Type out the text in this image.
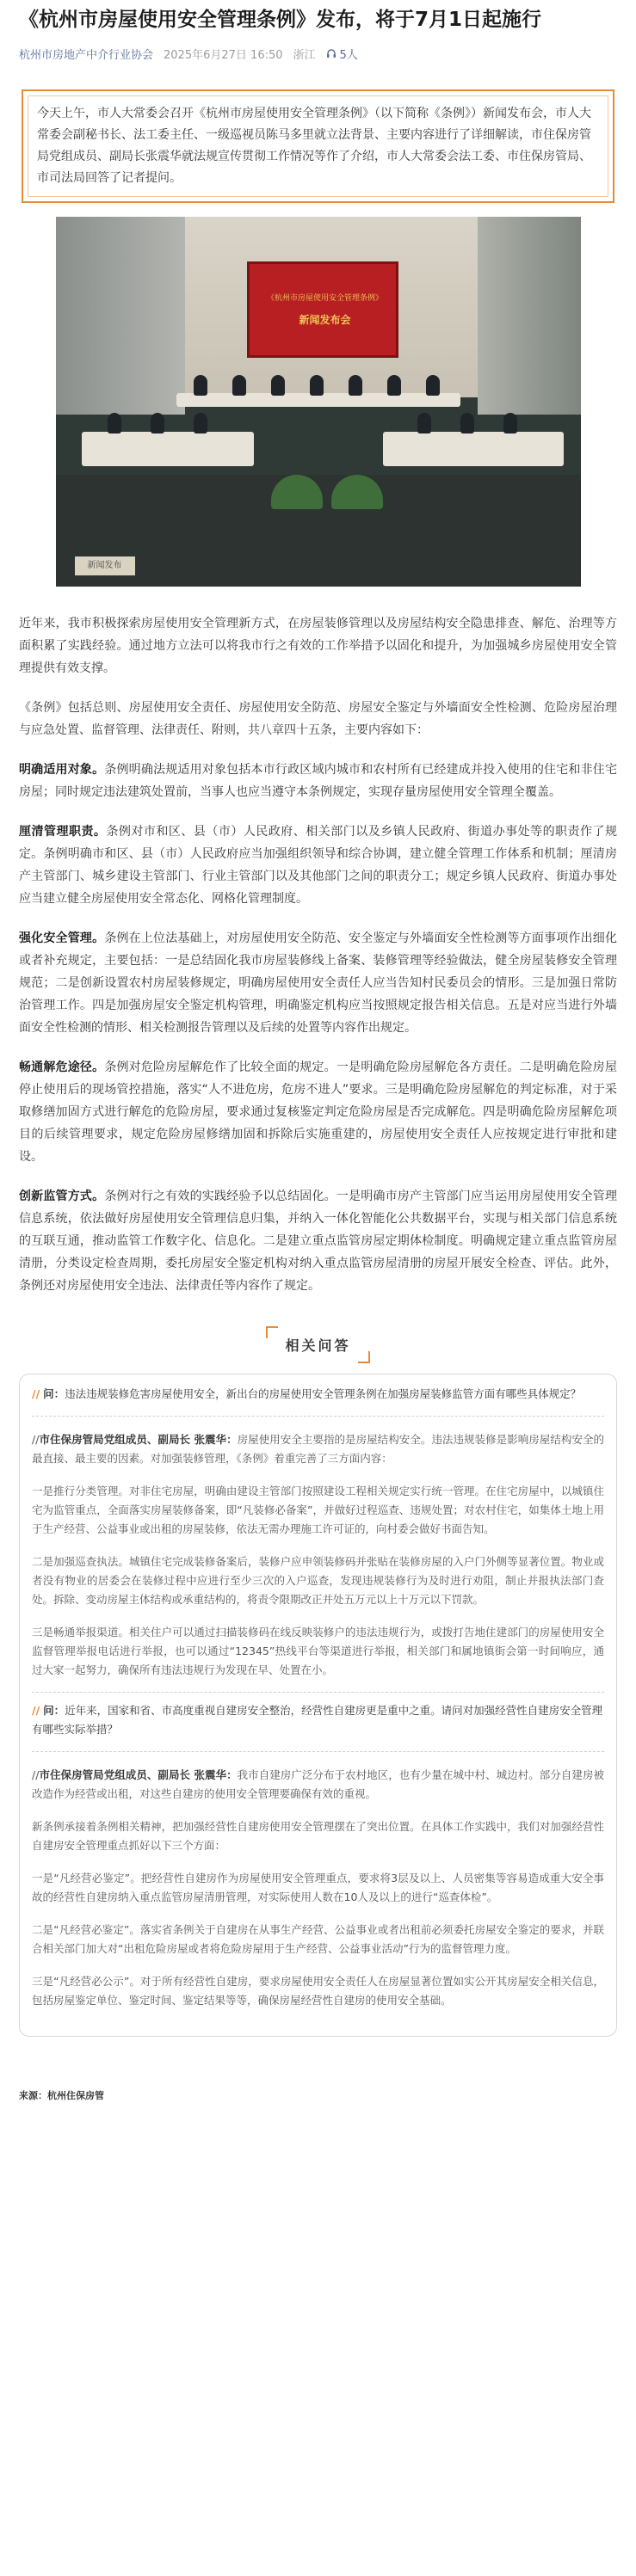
《杭州市房屋使用安全管理条例》发布，将于7月1日起施行
杭州市房地产中介行业协会 2025年6月27日 16:50 浙江 5人
今天上午，市人大常委会召开《杭州市房屋使用安全管理条例》（以下简称《条例》）新闻发布会，市人大常委会副秘书长、法工委主任、一级巡视员陈马多里就立法背景、主要内容进行了详细解读，市住保房管局党组成员、副局长张震华就法规宣传贯彻工作情况等作了介绍，市人大常委会法工委、市住保房管局、市司法局回答了记者提问。
《杭州市房屋使用安全管理条例》
新闻发布会
新闻发布

近年来，我市积极探索房屋使用安全管理新方式，在房屋装修管理以及房屋结构安全隐患排查、解危、治理等方面积累了实践经验。通过地方立法可以将我市行之有效的工作举措予以固化和提升，为加强城乡房屋使用安全管理提供有效支撑。

《条例》包括总则、房屋使用安全责任、房屋使用安全防范、房屋安全鉴定与外墙面安全性检测、危险房屋治理与应急处置、监督管理、法律责任、附则，共八章四十五条，主要内容如下：

明确适用对象。条例明确法规适用对象包括本市行政区域内城市和农村所有已经建成并投入使用的住宅和非住宅房屋；同时规定违法建筑处置前，当事人也应当遵守本条例规定，实现存量房屋使用安全管理全覆盖。

厘清管理职责。条例对市和区、县（市）人民政府、相关部门以及乡镇人民政府、街道办事处等的职责作了规定。条例明确市和区、县（市）人民政府应当加强组织领导和综合协调，建立健全管理工作体系和机制；厘清房产主管部门、城乡建设主管部门、行业主管部门以及其他部门之间的职责分工；规定乡镇人民政府、街道办事处应当建立健全房屋使用安全常态化、网格化管理制度。

强化安全管理。条例在上位法基础上，对房屋使用安全防范、安全鉴定与外墙面安全性检测等方面事项作出细化或者补充规定，主要包括：一是总结固化我市房屋装修线上备案、装修管理等经验做法，健全房屋装修安全管理规范；二是创新设置农村房屋装修规定，明确房屋使用安全责任人应当告知村民委员会的情形。三是加强日常防治管理工作。四是加强房屋安全鉴定机构管理，明确鉴定机构应当按照规定报告相关信息。五是对应当进行外墙面安全性检测的情形、相关检测报告管理以及后续的处置等内容作出规定。

畅通解危途径。条例对危险房屋解危作了比较全面的规定。一是明确危险房屋解危各方责任。二是明确危险房屋停止使用后的现场管控措施，落实“人不进危房，危房不进人”要求。三是明确危险房屋解危的判定标准，对于采取修缮加固方式进行解危的危险房屋，要求通过复核鉴定判定危险房屋是否完成解危。四是明确危险房屋解危项目的后续管理要求，规定危险房屋修缮加固和拆除后实施重建的，房屋使用安全责任人应按规定进行审批和建设。

创新监管方式。条例对行之有效的实践经验予以总结固化。一是明确市房产主管部门应当运用房屋使用安全管理信息系统，依法做好房屋使用安全管理信息归集，并纳入一体化智能化公共数据平台，实现与相关部门信息系统的互联互通，推动监管工作数字化、信息化。二是建立重点监管房屋定期体检制度。明确规定建立重点监管房屋清册，分类设定检查周期，委托房屋安全鉴定机构对纳入重点监管房屋清册的房屋开展安全检查、评估。此外，条例还对房屋使用安全违法、法律责任等内容作了规定。

相关问答

// 问：违法违规装修危害房屋使用安全，新出台的房屋使用安全管理条例在加强房屋装修监管方面有哪些具体规定？

//市住保房管局党组成员、副局长 张震华：房屋使用安全主要指的是房屋结构安全。违法违规装修是影响房屋结构安全的最直接、最主要的因素。对加强装修管理，《条例》着重完善了三方面内容：

一是推行分类管理。对非住宅房屋，明确由建设主管部门按照建设工程相关规定实行统一管理。在住宅房屋中，以城镇住宅为监管重点，全面落实房屋装修备案，即“凡装修必备案”，并做好过程巡查、违规处置；对农村住宅，如集体土地上用于生产经营、公益事业或出租的房屋装修，依法无需办理施工许可证的，向村委会做好书面告知。

二是加强巡查执法。城镇住宅完成装修备案后，装修户应申领装修码并张贴在装修房屋的入户门外侧等显著位置。物业或者没有物业的居委会在装修过程中应进行至少三次的入户巡查，发现违规装修行为及时进行劝阻，制止并报执法部门查处。拆除、变动房屋主体结构或承重结构的，将责令限期改正并处五万元以上十万元以下罚款。

三是畅通举报渠道。相关住户可以通过扫描装修码在线反映装修户的违法违规行为，或拨打告地住建部门的房屋使用安全监督管理举报电话进行举报，也可以通过“12345”热线平台等渠道进行举报，相关部门和属地镇街会第一时间响应，通过大家一起努力，确保所有违法违规行为发现在早、处置在小。

// 问：近年来，国家和省、市高度重视自建房安全整治，经营性自建房更是重中之重。请问对加强经营性自建房安全管理有哪些实际举措？

//市住保房管局党组成员、副局长 张震华：我市自建房广泛分布于农村地区，也有少量在城中村、城边村。部分自建房被改造作为经营或出租，对这些自建房的使用安全管理要确保有效的重视。

新条例承接着条例相关精神，把加强经营性自建房使用安全管理摆在了突出位置。在具体工作实践中，我们对加强经营性自建房安全管理重点抓好以下三个方面：

一是“凡经营必鉴定”。把经营性自建房作为房屋使用安全管理重点，要求将3层及以上、人员密集等容易造成重大安全事故的经营性自建房纳入重点监管房屋清册管理，对实际使用人数在10人及以上的进行“巡查体检”。

二是“凡经营必鉴定”。落实省条例关于自建房在从事生产经营、公益事业或者出租前必须委托房屋安全鉴定的要求，并联合相关部门加大对“出租危险房屋或者将危险房屋用于生产经营、公益事业活动”行为的监督管理力度。

三是“凡经营必公示”。对于所有经营性自建房，要求房屋使用安全责任人在房屋显著位置如实公开其房屋安全相关信息，包括房屋鉴定单位、鉴定时间、鉴定结果等等，确保房屋经营性自建房的使用安全基础。

来源：杭州住保房管
